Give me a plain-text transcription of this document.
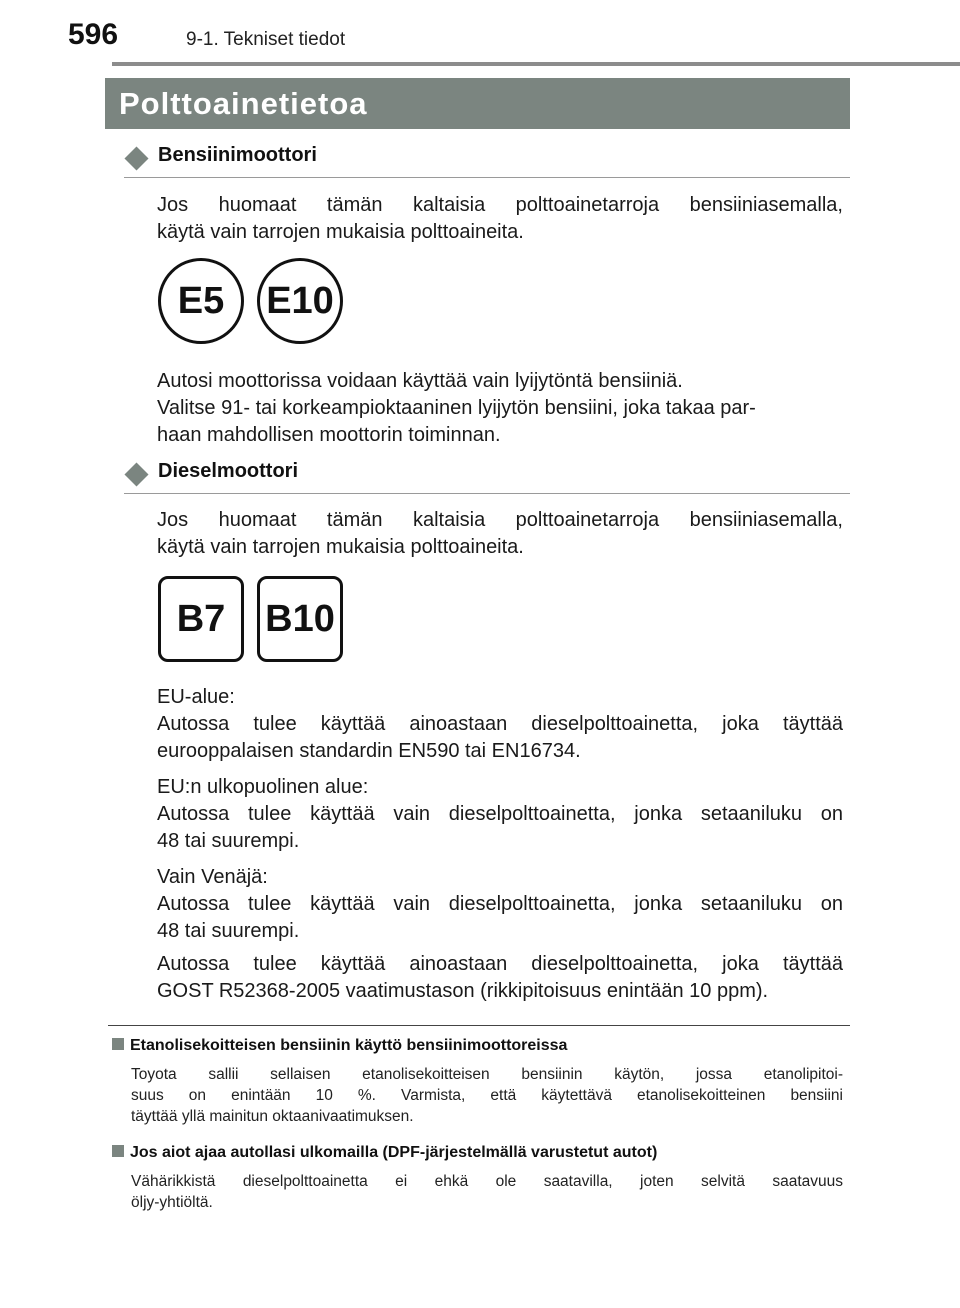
596	9-1. Tekniset tiedot
Polttoainetietoa
Bensiinimoottori
Jos huomaat tämän kaltaisia polttoainetarroja bensiiniasemalla,
käytä vain tarrojen mukaisia polttoaineita.
E5 E10
Autosi moottorissa voidaan käyttää vain lyijytöntä bensiiniä.
Valitse 91- tai korkeampioktaaninen lyijytön bensiini, joka takaa par-
haan mahdollisen moottorin toiminnan.
Dieselmoottori
Jos huomaat tämän kaltaisia polttoainetarroja bensiiniasemalla,
käytä vain tarrojen mukaisia polttoaineita.
B7 B10
EU-alue:
Autossa tulee käyttää ainoastaan dieselpolttoainetta, joka täyttää
eurooppalaisen standardin EN590 tai EN16734.
EU:n ulkopuolinen alue:
Autossa tulee käyttää vain dieselpolttoainetta, jonka setaaniluku on
48 tai suurempi.
Vain Venäjä:
Autossa tulee käyttää vain dieselpolttoainetta, jonka setaaniluku on
48 tai suurempi.
Autossa tulee käyttää ainoastaan dieselpolttoainetta, joka täyttää
GOST R52368-2005 vaatimustason (rikkipitoisuus enintään 10 ppm).
Etanolisekoitteisen bensiinin käyttö bensiinimoottoreissa
Toyota sallii sellaisen etanolisekoitteisen bensiinin käytön, jossa etanolipitoi-
suus on enintään 10 %. Varmista, että käytettävä etanolisekoitteinen bensiini
täyttää yllä mainitun oktaanivaatimuksen.
Jos aiot ajaa autollasi ulkomailla (DPF-järjestelmällä varustetut autot)
Vähärikkistä dieselpolttoainetta ei ehkä ole saatavilla, joten selvitä saatavuus
öljy-yhtiöltä.
